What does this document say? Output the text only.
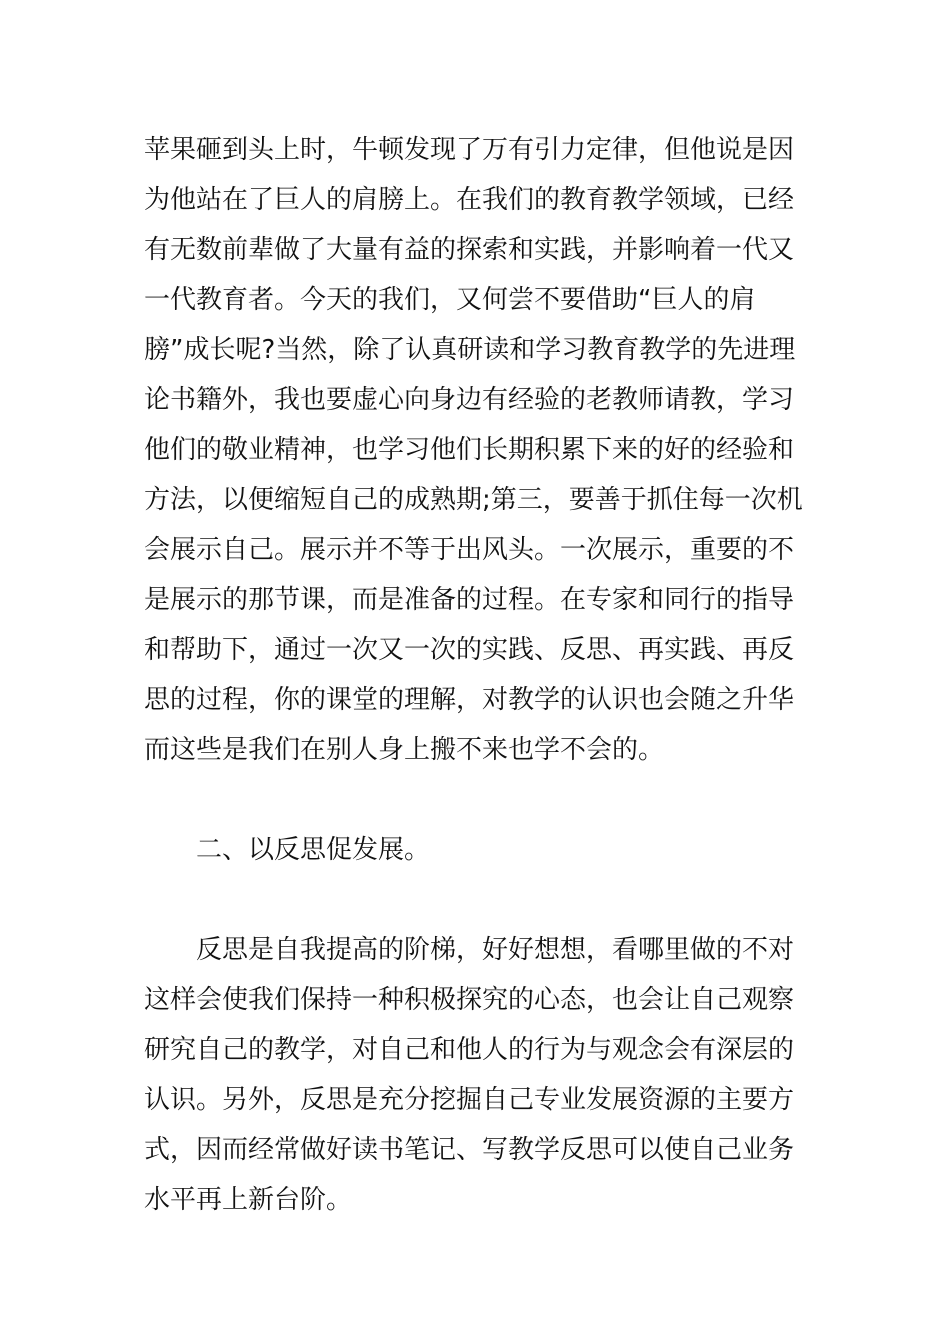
苹果砸到头上时，牛顿发现了万有引力定律，但他说是因
为他站在了巨人的肩膀上。在我们的教育教学领域，已经
有无数前辈做了大量有益的探索和实践，并影响着一代又
一代教育者。今天的我们，又何尝不要借助“巨人的肩
膀”成长呢?当然，除了认真研读和学习教育教学的先进理
论书籍外，我也要虚心向身边有经验的老教师请教，学习
他们的敬业精神，也学习他们长期积累下来的好的经验和
方法，以便缩短自己的成熟期;第三，要善于抓住每一次机
会展示自己。展示并不等于出风头。一次展示，重要的不
是展示的那节课，而是准备的过程。在专家和同行的指导
和帮助下，通过一次又一次的实践、反思、再实践、再反
思的过程，你的课堂的理解，对教学的认识也会随之升华
而这些是我们在别人身上搬不来也学不会的。
二、以反思促发展。
反思是自我提高的阶梯，好好想想，看哪里做的不对
这样会使我们保持一种积极探究的心态，也会让自己观察
研究自己的教学，对自己和他人的行为与观念会有深层的
认识。另外，反思是充分挖掘自己专业发展资源的主要方
式，因而经常做好读书笔记、写教学反思可以使自己业务
水平再上新台阶。
